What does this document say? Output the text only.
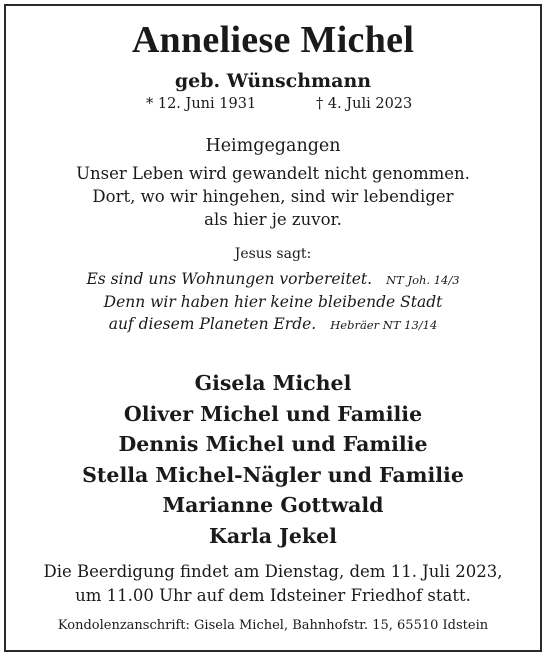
Anneliese Michel
geb. Wünschmann
* 12. Juni 1931	† 4. Juli 2023
Heimgegangen
Unser Leben wird gewandelt nicht genommen.
Dort, wo wir hingehen, sind wir lebendiger
als hier je zuvor.
Jesus sagt:
Es sind uns Wohnungen vorbereitet. NT Joh. 14/3
Denn wir haben hier keine bleibende Stadt
auf diesem Planeten Erde. Hebräer NT 13/14
Gisela Michel
Oliver Michel und Familie
Dennis Michel und Familie
Stella Michel-Nägler und Familie
Marianne Gottwald
Karla Jekel
Die Beerdigung findet am Dienstag, dem 11. Juli 2023,
um 11.00 Uhr auf dem Idsteiner Friedhof statt.
Kondolenzanschrift: Gisela Michel, Bahnhofstr. 15, 65510 Idstein
